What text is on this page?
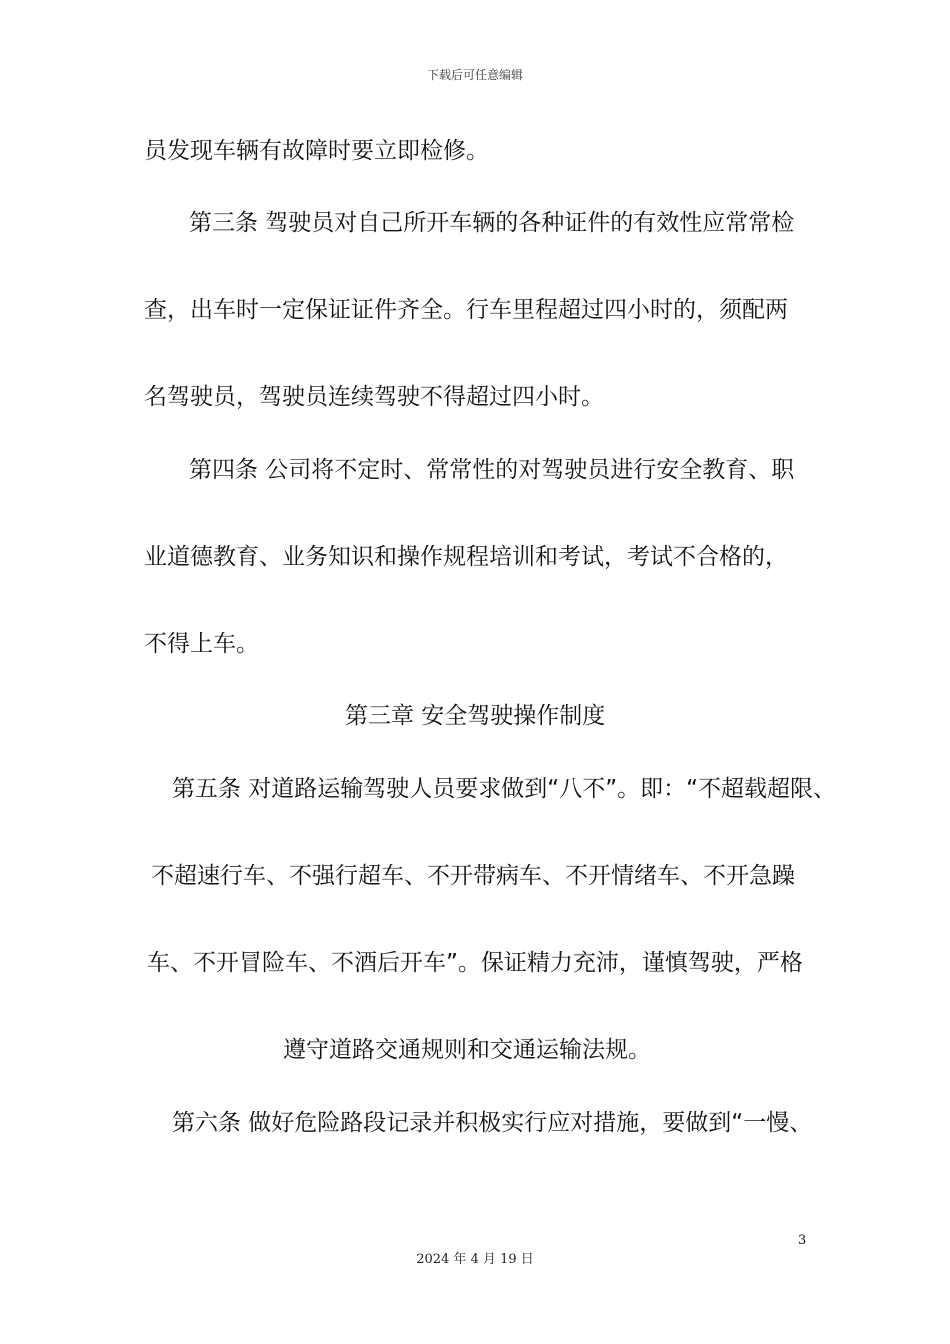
下载后可任意编辑
员发现车辆有故障时要立即检修。
第三条 驾驶员对自己所开车辆的各种证件的有效性应常常检
查，出车时一定保证证件齐全。行车里程超过四小时的，须配两
名驾驶员，驾驶员连续驾驶不得超过四小时。
第四条 公司将不定时、常常性的对驾驶员进行安全教育、职
业道德教育、业务知识和操作规程培训和考试，考试不合格的，
不得上车。
第三章 安全驾驶操作制度
第五条 对道路运输驾驶人员要求做到“八不”。即：“不超载超限、
不超速行车、不强行超车、不开带病车、不开情绪车、不开急躁
车、不开冒险车、不酒后开车”。保证精力充沛，谨慎驾驶，严格
遵守道路交通规则和交通运输法规。
第六条 做好危险路段记录并积极实行应对措施，要做到“一慢、
3
2024 年 4 月 19 日
